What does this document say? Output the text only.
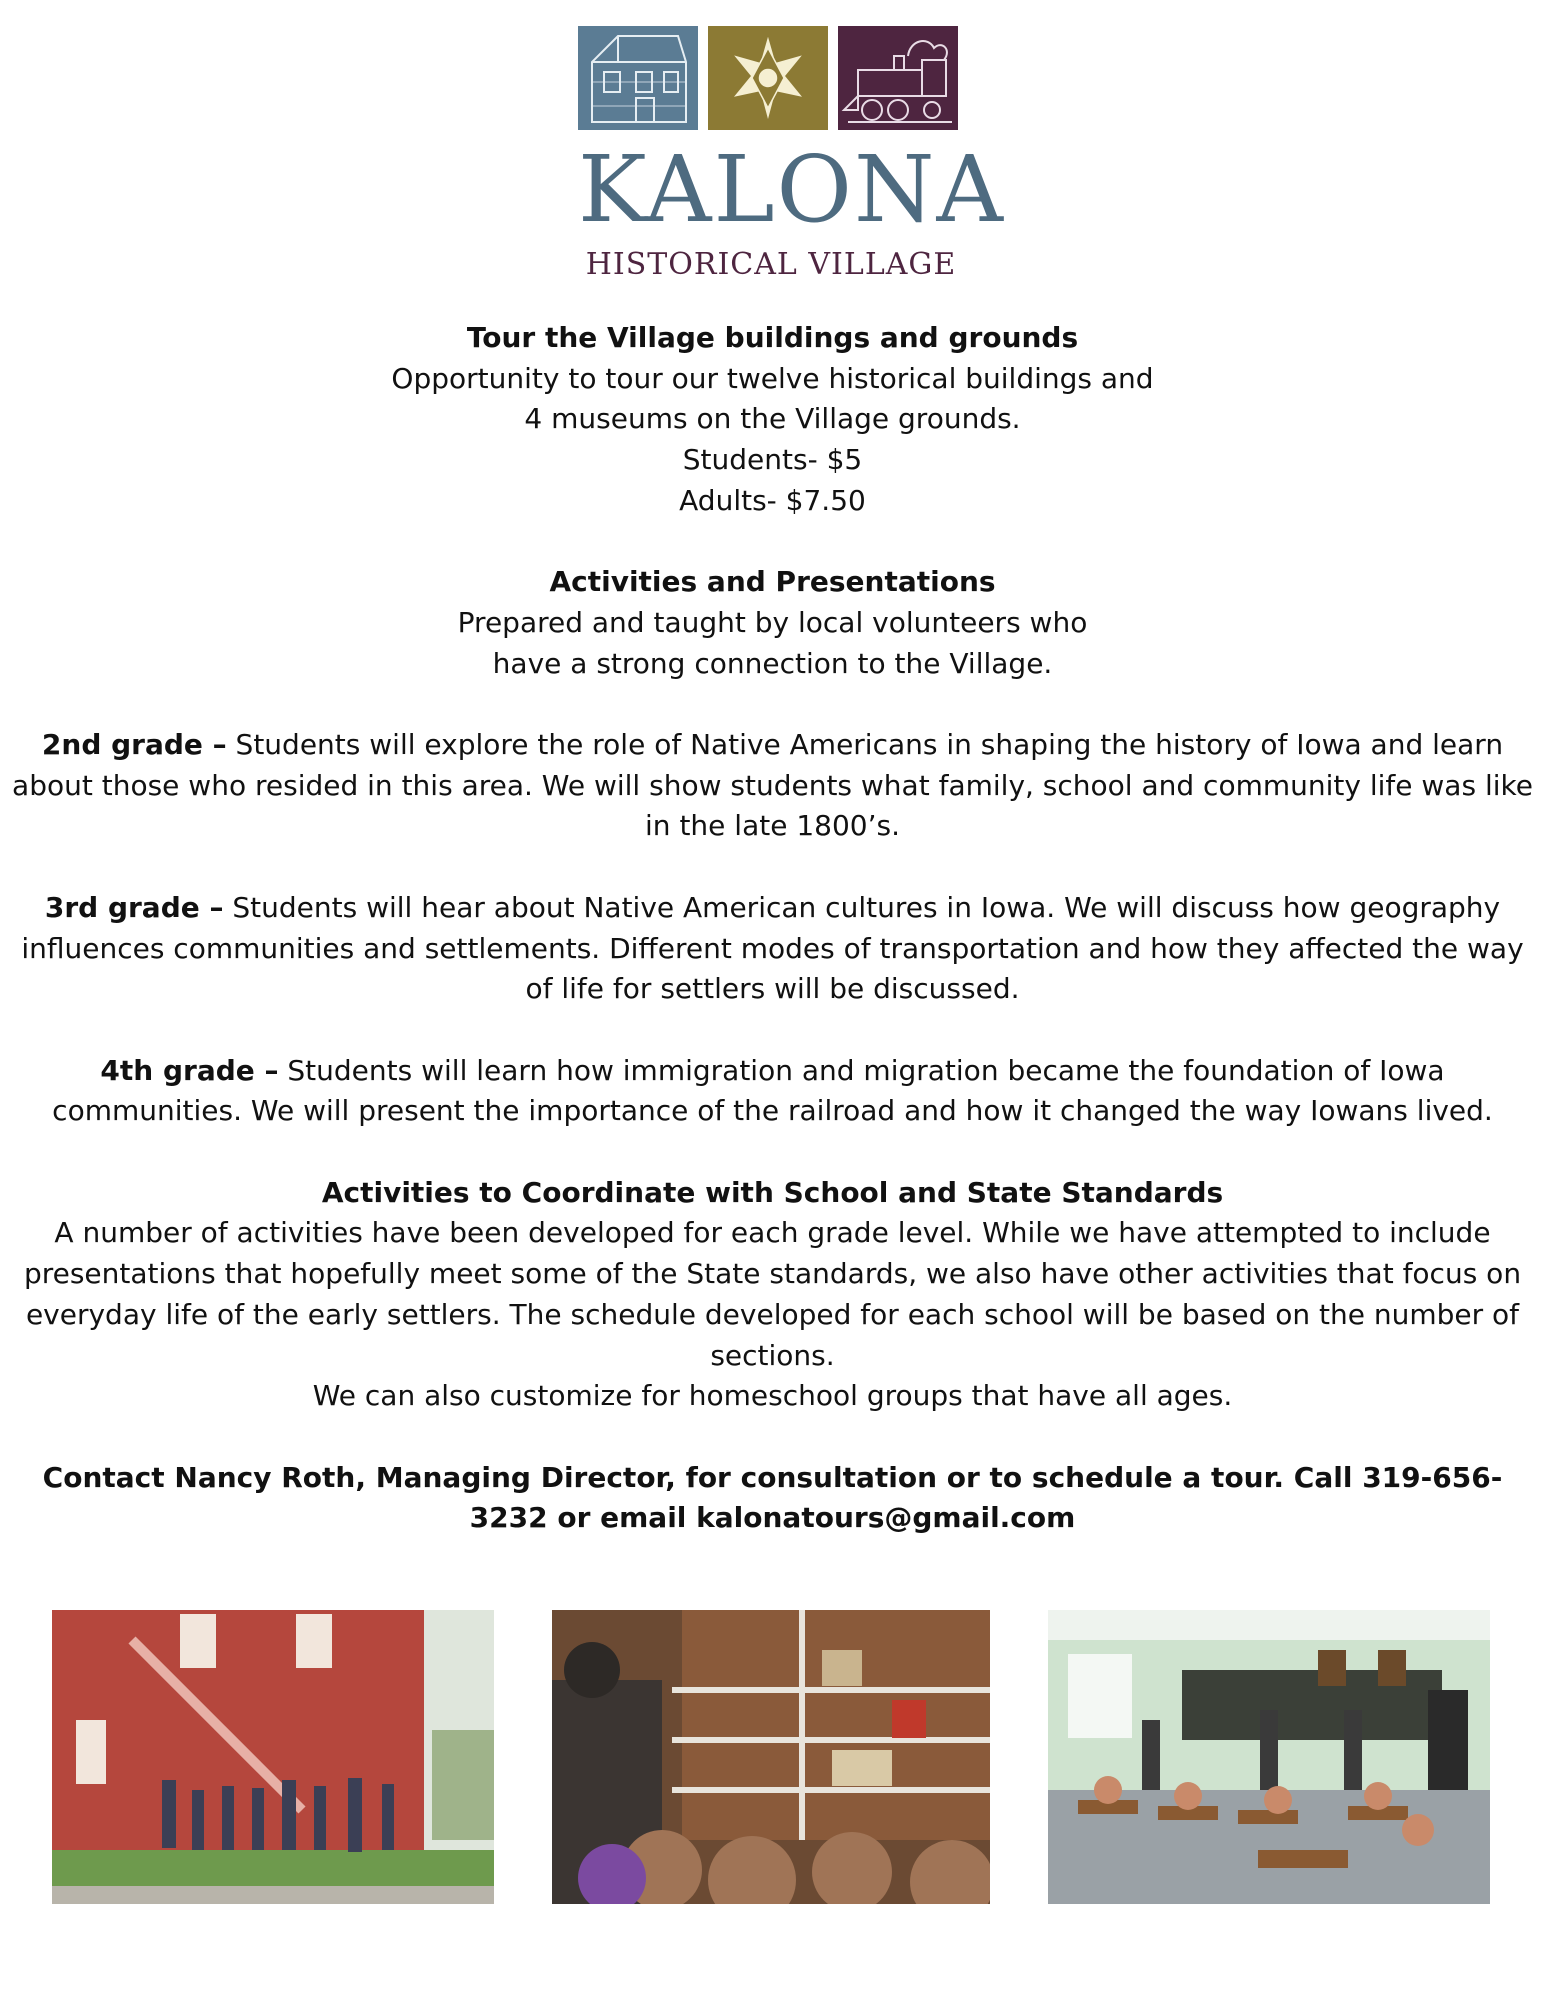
KALONA
HISTORICAL VILLAGE

Tour the Village buildings and grounds

Opportunity to tour our twelve historical buildings and

4 museums on the Village grounds.

Students- $5

Adults- $7.50

Activities and Presentations

Prepared and taught by local volunteers who

have a strong connection to the Village.

2nd grade – Students will explore the role of Native Americans in shaping the history of Iowa and learn about those who resided in this area. We will show students what family, school and community life was like in the late 1800’s.

3rd grade – Students will hear about Native American cultures in Iowa. We will discuss how geography influences communities and settlements. Different modes of transportation and how they affected the way of life for settlers will be discussed.

4th grade – Students will learn how immigration and migration became the foundation of Iowa communities. We will present the importance of the railroad and how it changed the way Iowans lived.

Activities to Coordinate with School and State Standards

A number of activities have been developed for each grade level. While we have attempted to include presentations that hopefully meet some of the State standards, we also have other activities that focus on everyday life of the early settlers. The schedule developed for each school will be based on the number of sections.

We can also customize for homeschool groups that have all ages.

Contact Nancy Roth, Managing Director, for consultation or to schedule a tour. Call 319-656-3232 or email kalonatours@gmail.com
